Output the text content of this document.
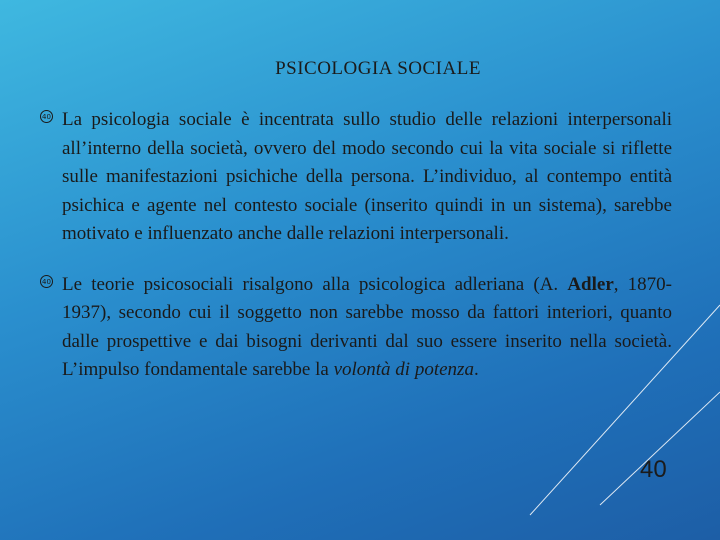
PSICOLOGIA SOCIALE
40 La psicologia sociale è incentrata sullo studio delle relazioni interpersonali all’interno della società, ovvero del modo secondo cui la vita sociale si riflette sulle manifestazioni psichiche della persona. L’individuo, al contempo entità psichica e agente nel contesto sociale (inserito quindi in un sistema), sarebbe motivato e influenzato anche dalle relazioni interpersonali.
40 Le teorie psicosociali risalgono alla psicologica adleriana (A. Adler, 1870-1937), secondo cui il soggetto non sarebbe mosso da fattori interiori, quanto dalle prospettive e dai bisogni derivanti dal suo essere inserito nella società. L’impulso fondamentale sarebbe la volontà di potenza.
40
